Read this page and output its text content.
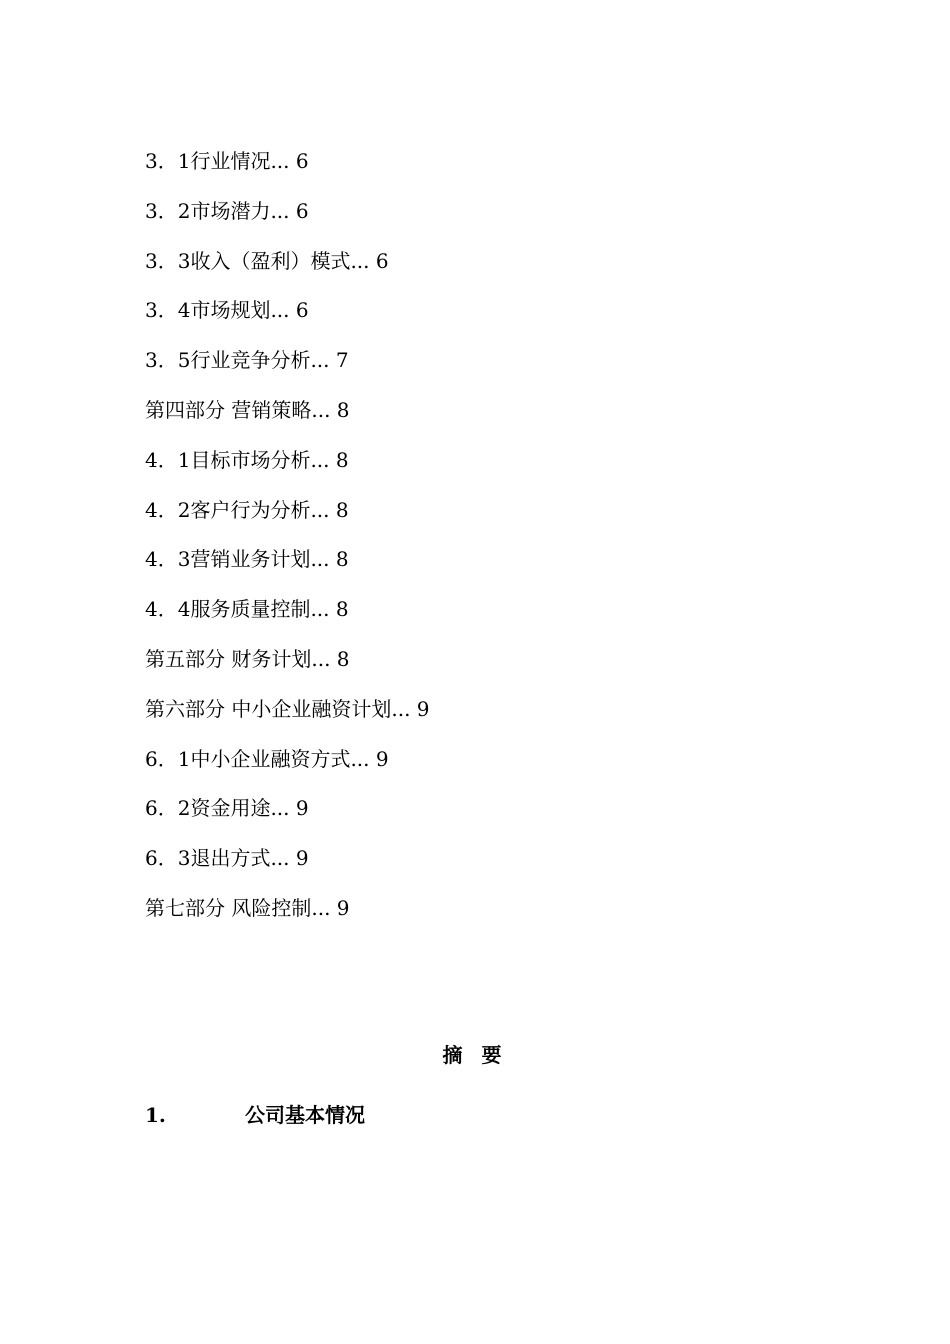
3．1行业情况... 6
3．2市场潜力... 6
3．3收入（盈利）模式... 6
3．4市场规划... 6
3．5行业竞争分析... 7
第四部分 营销策略... 8
4．1目标市场分析... 8
4．2客户行为分析... 8
4．3营销业务计划... 8
4．4服务质量控制... 8
第五部分 财务计划... 8
第六部分 中小企业融资计划... 9
6．1中小企业融资方式... 9
6．2资金用途... 9
6．3退出方式... 9
第七部分 风险控制... 9
摘 要
1.	公司基本情况
